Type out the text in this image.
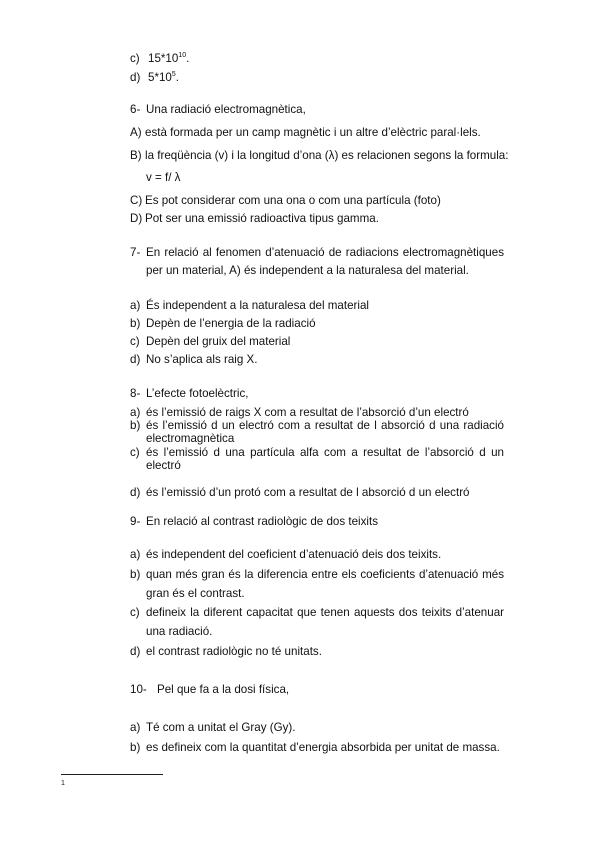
c) $15*10^{10}$.
d) $5*10^5$.
6- Una radiació electromagnètica,
A) està formada per un camp magnètic i un altre d’elèctric paral·lels.
B) la freqüència (v) i la longitud d’ona (λ) es relacionen segons la formula:
v = f/ λ
C) Es pot considerar com una ona o com una partícula (foto)
D) Pot ser una emissió radioactiva tipus gamma.
7- En relació al fenomen d’atenuació de radiacions electromagnètiques
per un material, A) és independent a la naturalesa del material.
a) És independent a la naturalesa del material
b) Depèn de l’energia de la radiació
c) Depèn del gruix del material
d) No s’aplica als raig X.
8- L’efecte fotoelèctric,
a) és l’emissió de raigs X com a resultat de l’absorció d’un electró
b) és l’emissió d un electró com a resultat de l absorció d una radiació
electromagnètica
c) és l’emissió d una partícula alfa com a resultat de l’absorció d un
electró
d) és l’emissió d’un protó com a resultat de l absorció d un electró
9- En relació al contrast radiològic de dos teixits
a) és independent del coeficient d’atenuació deis dos teixits.
b) quan més gran és la diferencia entre els coeficients d’atenuació més
gran és el contrast.
c) defineix la diferent capacitat que tenen aquests dos teixits d’atenuar
una radiació.
d) el contrast radiològic no té unitats.
10- Pel que fa a la dosi física,
a) Té com a unitat el Gray (Gy).
b) es defineix com la quantitat d’energia absorbida per unitat de massa.
1
